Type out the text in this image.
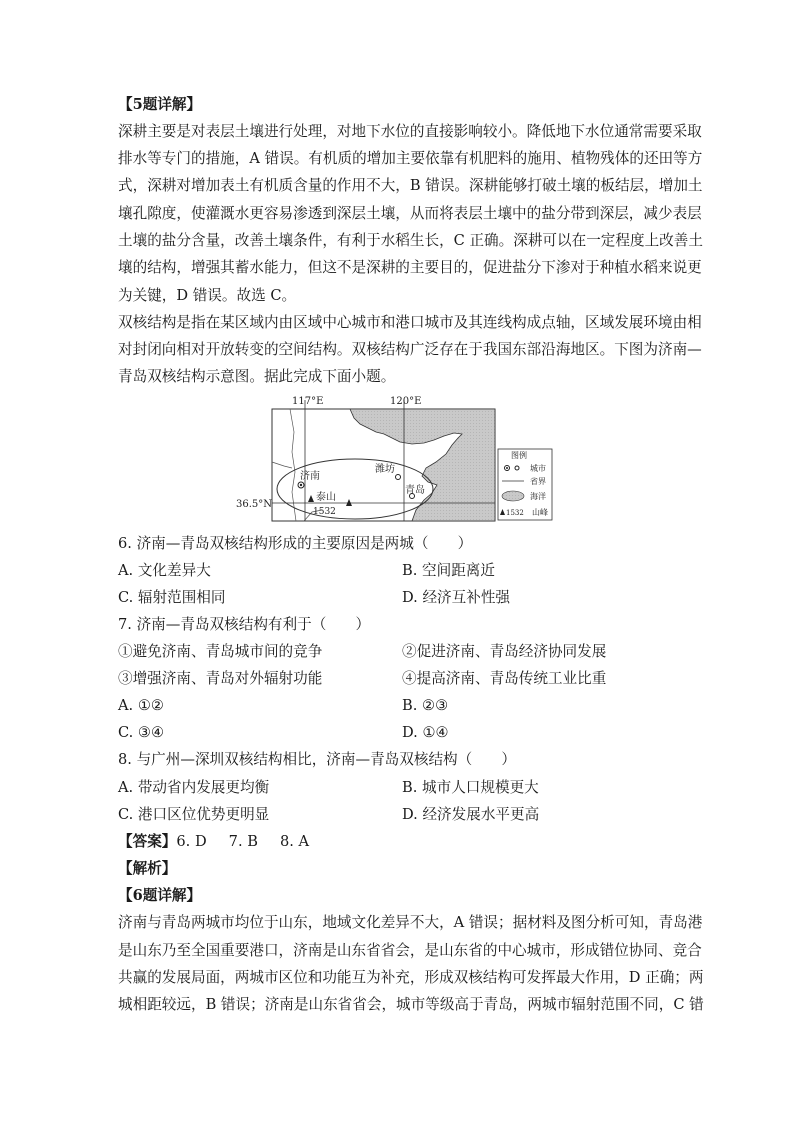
【5题详解】
深耕主要是对表层土壤进行处理，对地下水位的直接影响较小。降低地下水位通常需要采取
排水等专门的措施，A 错误。有机质的增加主要依靠有机肥料的施用、植物残体的还田等方
式，深耕对增加表土有机质含量的作用不大，B 错误。深耕能够打破土壤的板结层，增加土
壤孔隙度，使灌溉水更容易渗透到深层土壤，从而将表层土壤中的盐分带到深层，减少表层
土壤的盐分含量，改善土壤条件，有利于水稻生长，C 正确。深耕可以在一定程度上改善土
壤的结构，增强其蓄水能力，但这不是深耕的主要目的，促进盐分下渗对于种植水稻来说更
为关键，D 错误。故选 C。
双核结构是指在某区域内由区域中心城市和港口城市及其连线构成点轴，区域发展环境由相
对封闭向相对开放转变的空间结构。双核结构广泛存在于我国东部沿海地区。下图为济南—
青岛双核结构示意图。据此完成下面小题。
117°E	120°E
36.5°N
济南
潍坊
青岛
泰山
1532
图例
城市
省界
海洋
1532 山峰
6. 济南—青岛双核结构形成的主要原因是两城（　　）
A. 文化差异大	B. 空间距离近
C. 辐射范围相同	D. 经济互补性强
7. 济南—青岛双核结构有利于（　　）
①避免济南、青岛城市间的竞争	②促进济南、青岛经济协同发展
③增强济南、青岛对外辐射功能	④提高济南、青岛传统工业比重
A. ①②	B. ②③
C. ③④	D. ①④
8. 与广州—深圳双核结构相比，济南—青岛双核结构（　　）
A. 带动省内发展更均衡	B. 城市人口规模更大
C. 港口区位优势更明显	D. 经济发展水平更高
【答案】6. D 7. B 8. A
【解析】
【6题详解】
济南与青岛两城市均位于山东，地域文化差异不大，A 错误；据材料及图分析可知，青岛港
是山东乃至全国重要港口，济南是山东省省会，是山东省的中心城市，形成错位协同、竞合
共赢的发展局面，两城市区位和功能互为补充，形成双核结构可发挥最大作用，D 正确；两
城相距较远，B 错误；济南是山东省省会，城市等级高于青岛，两城市辐射范围不同，C 错
